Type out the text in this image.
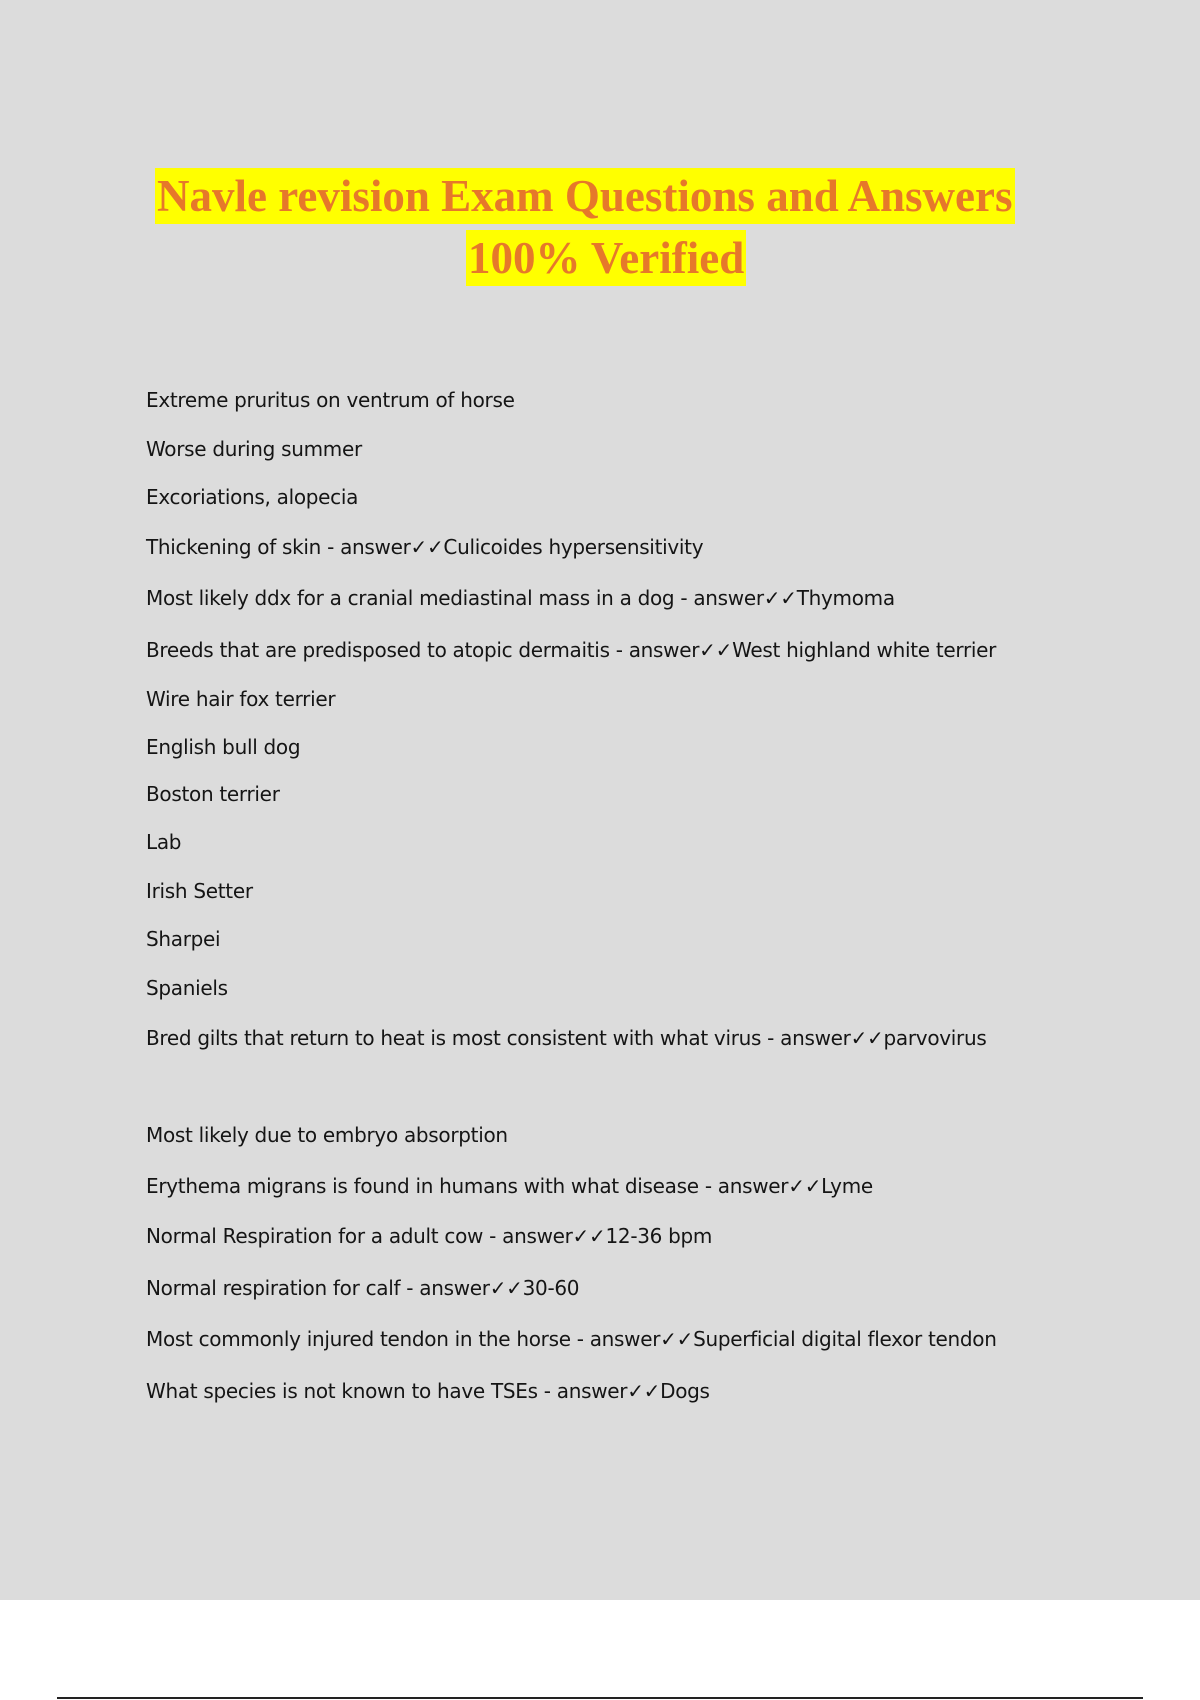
Navle revision Exam Questions and Answers
100% Verified
Extreme pruritus on ventrum of horse
Worse during summer
Excoriations, alopecia
Thickening of skin - answer✓✓Culicoides hypersensitivity
Most likely ddx for a cranial mediastinal mass in a dog - answer✓✓Thymoma
Breeds that are predisposed to atopic dermaitis - answer✓✓West highland white terrier
Wire hair fox terrier
English bull dog
Boston terrier
Lab
Irish Setter
Sharpei
Spaniels
Bred gilts that return to heat is most consistent with what virus - answer✓✓parvovirus
Most likely due to embryo absorption
Erythema migrans is found in humans with what disease - answer✓✓Lyme
Normal Respiration for a adult cow - answer✓✓12-36 bpm
Normal respiration for calf - answer✓✓30-60
Most commonly injured tendon in the horse - answer✓✓Superficial digital flexor tendon
What species is not known to have TSEs - answer✓✓Dogs
